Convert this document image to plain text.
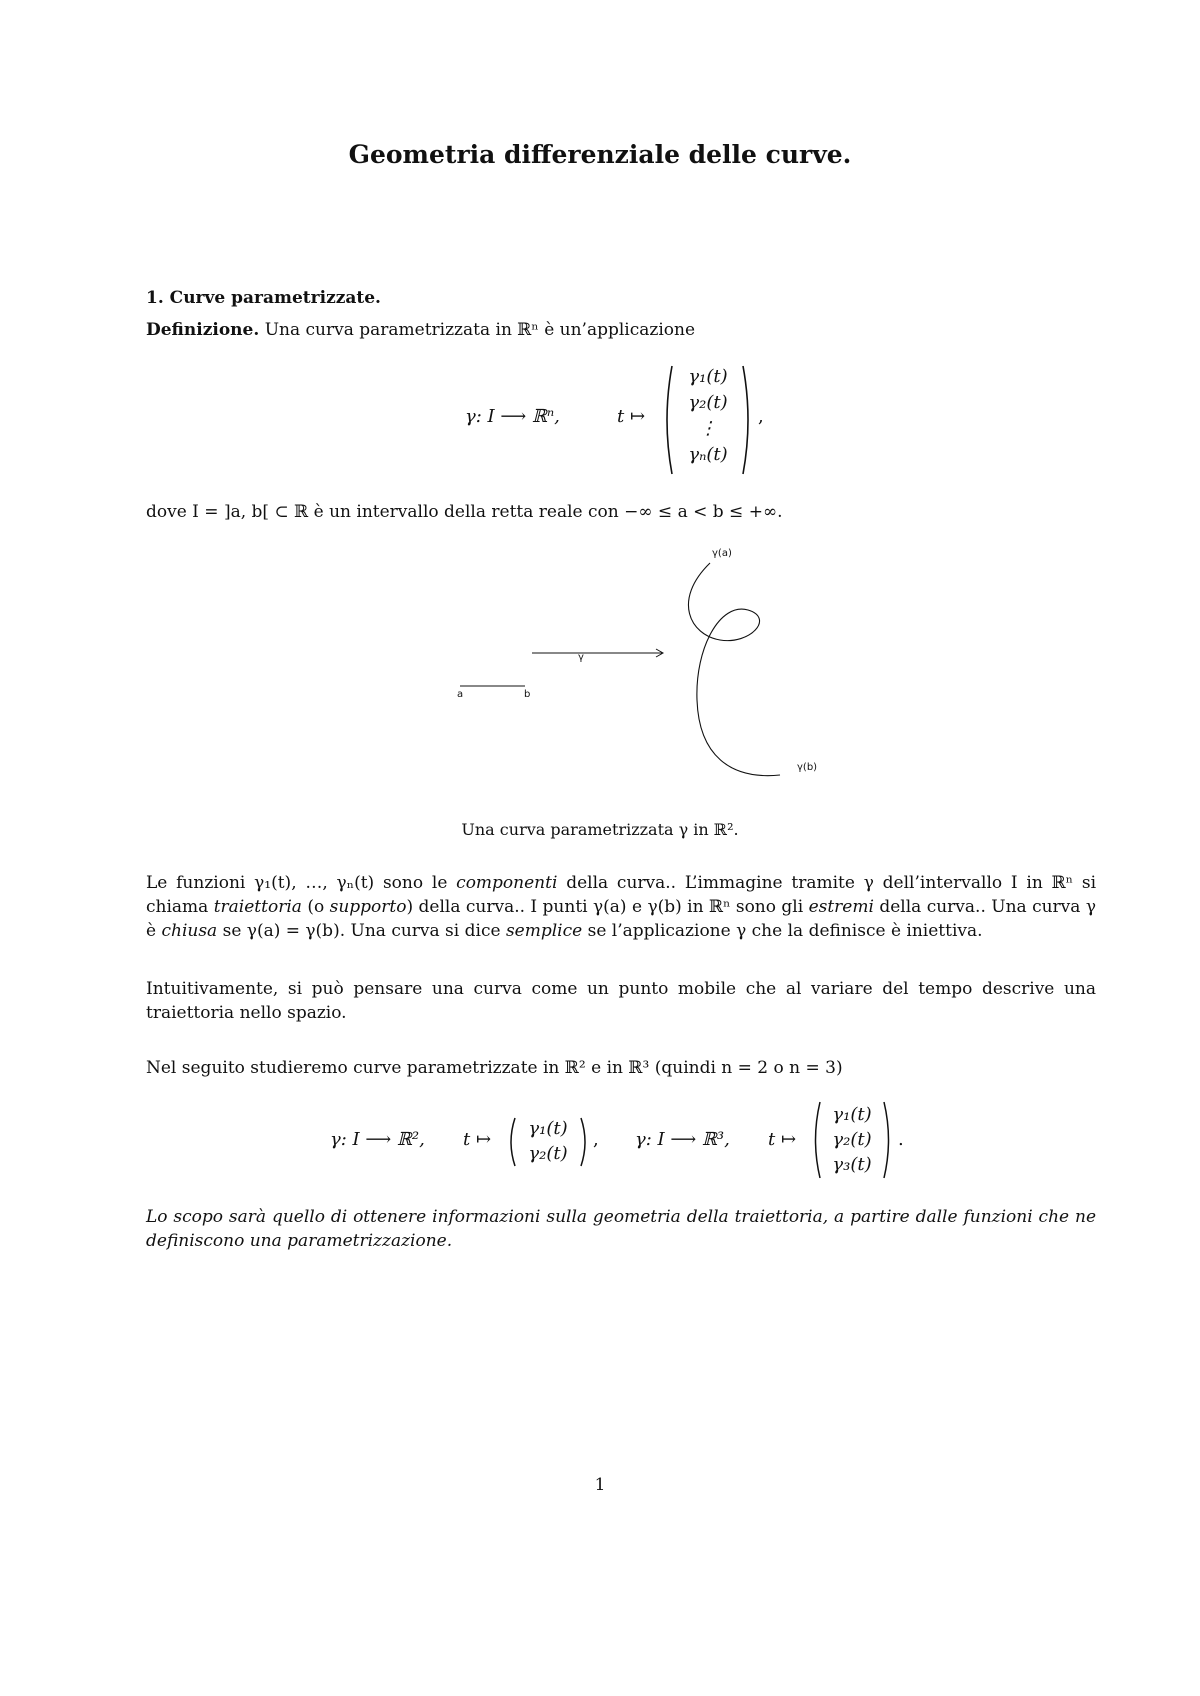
Geometria differenziale delle curve.
1. Curve parametrizzate.
Definizione. Una curva parametrizzata in ℝⁿ è un’applicazione
γ: I ⟶ ℝⁿ,	t ↦
γ₁(t)
γ₂(t)
⋮
γₙ(t)
,
dove I = ]a, b[ ⊂ ℝ è un intervallo della retta reale con −∞ ≤ a < b ≤ +∞.
a	b
γ
γ(a)
γ(b)
Una curva parametrizzata γ in ℝ².
Le funzioni γ₁(t), …, γₙ(t) sono le componenti della curva.. L’immagine tramite γ dell’intervallo I in ℝⁿ si chiama traiettoria (o supporto) della curva.. I punti γ(a) e γ(b) in ℝⁿ sono gli estremi della curva.. Una curva γ è chiusa se γ(a) = γ(b). Una curva si dice semplice se l’applicazione γ che la definisce è iniettiva.
Intuitivamente, si può pensare una curva come un punto mobile che al variare del tempo descrive una traiettoria nello spazio.
Nel seguito studieremo curve parametrizzate in ℝ² e in ℝ³ (quindi n = 2 o n = 3)
γ: I ⟶ ℝ², t ↦
γ₁(t)
γ₂(t)
, γ: I ⟶ ℝ³, t ↦
γ₁(t)
γ₂(t)
γ₃(t)
.
Lo scopo sarà quello di ottenere informazioni sulla geometria della traiettoria, a partire dalle funzioni che ne definiscono una parametrizzazione.
1
